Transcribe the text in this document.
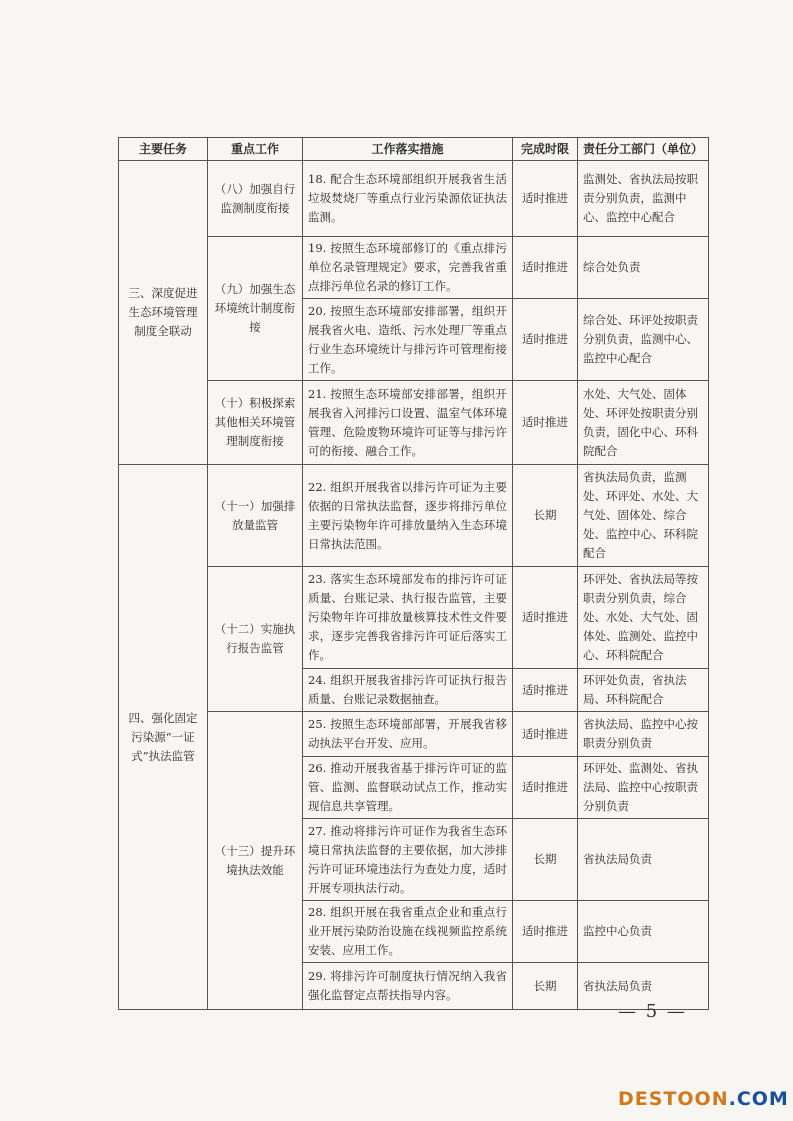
主要任务	重点工作	工作落实措施	完成时限	责任分工部门（单位）
三、深度促进生态环境管理制度全联动	（八）加强自行监测制度衔接	18. 配合生态环境部组织开展我省生活垃圾焚烧厂等重点行业污染源依证执法监测。	适时推进	监测处、省执法局按职责分别负责，监测中心、监控中心配合
	（九）加强生态环境统计制度衔接	19. 按照生态环境部修订的《重点排污单位名录管理规定》要求，完善我省重点排污单位名录的修订工作。	适时推进	综合处负责
		20. 按照生态环境部安排部署，组织开展我省火电、造纸、污水处理厂等重点行业生态环境统计与排污许可管理衔接工作。	适时推进	综合处、环评处按职责分别负责，监测中心、监控中心配合
	（十）积极探索其他相关环境管理制度衔接	21. 按照生态环境部安排部署，组织开展我省入河排污口设置、温室气体环境管理、危险废物环境许可证等与排污许可的衔接、融合工作。	适时推进	水处、大气处、固体处、环评处按职责分别负责，固化中心、环科院配合
四、强化固定污染源“一证式”执法监管	（十一）加强排放量监管	22. 组织开展我省以排污许可证为主要依据的日常执法监督，逐步将排污单位主要污染物年许可排放量纳入生态环境日常执法范围。	长期	省执法局负责，监测处、环评处、水处、大气处、固体处、综合处、监控中心、环科院配合
	（十二）实施执行报告监管	23. 落实生态环境部发布的排污许可证质量、台账记录、执行报告监管，主要污染物年许可排放量核算技术性文件要求，逐步完善我省排污许可证后落实工作。	适时推进	环评处、省执法局等按职责分别负责，综合处、水处、大气处、固体处、监测处、监控中心、环科院配合
		24. 组织开展我省排污许可证执行报告质量、台账记录数据抽查。	适时推进	环评处负责，省执法局、环科院配合
	（十三）提升环境执法效能	25. 按照生态环境部部署，开展我省移动执法平台开发、应用。	适时推进	省执法局、监控中心按职责分别负责
		26. 推动开展我省基于排污许可证的监管、监测、监督联动试点工作，推动实现信息共享管理。	适时推进	环评处、监测处、省执法局、监控中心按职责分别负责
		27. 推动将排污许可证作为我省生态环境日常执法监督的主要依据，加大涉排污许可证环境违法行为查处力度，适时开展专项执法行动。	长期	省执法局负责
		28. 组织开展在我省重点企业和重点行业开展污染防治设施在线视频监控系统安装、应用工作。	适时推进	监控中心负责
		29. 将排污许可制度执行情况纳入我省强化监督定点帮扶指导内容。	长期	省执法局负责
— 5 —
DESTOON.COM
